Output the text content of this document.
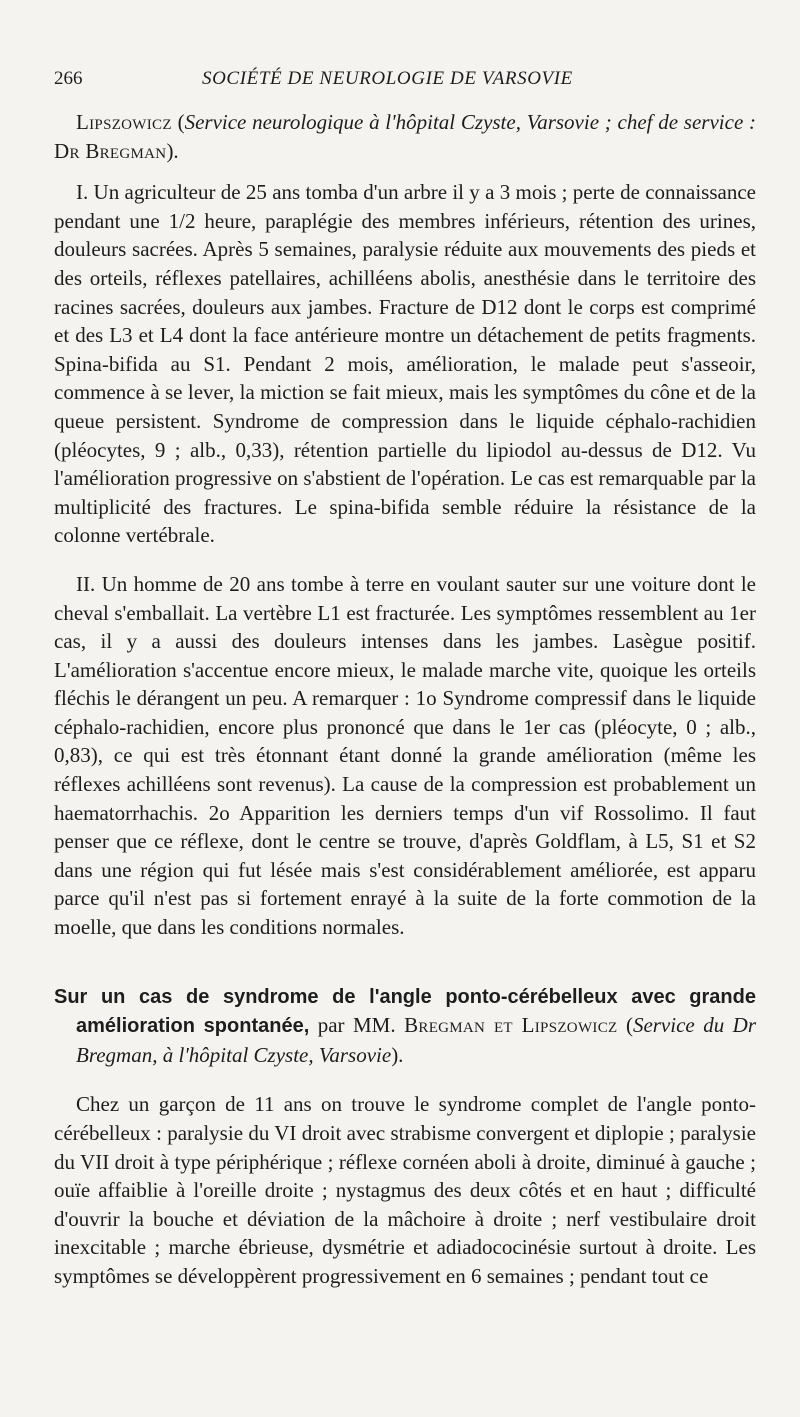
266	SOCIÉTÉ DE NEUROLOGIE DE VARSOVIE

Lipszowicz (Service neurologique à l'hôpital Czyste, Varsovie ; chef de service : Dr Bregman).

I. Un agriculteur de 25 ans tomba d'un arbre il y a 3 mois ; perte de connaissance pendant une 1/2 heure, paraplégie des membres inférieurs, rétention des urines, douleurs sacrées. Après 5 semaines, paralysie réduite aux mouvements des pieds et des orteils, réflexes patellaires, achilléens abolis, anesthésie dans le territoire des racines sacrées, douleurs aux jambes. Fracture de D12 dont le corps est comprimé et des L3 et L4 dont la face antérieure montre un détachement de petits fragments. Spina-bifida au S1. Pendant 2 mois, amélioration, le malade peut s'asseoir, commence à se lever, la miction se fait mieux, mais les symptômes du cône et de la queue persistent. Syndrome de compression dans le liquide céphalo-rachidien (pléocytes, 9 ; alb., 0,33), rétention partielle du lipiodol au-dessus de D12. Vu l'amélioration progressive on s'abstient de l'opération. Le cas est remarquable par la multiplicité des fractures. Le spina-bifida semble réduire la résistance de la colonne vertébrale.

II. Un homme de 20 ans tombe à terre en voulant sauter sur une voiture dont le cheval s'emballait. La vertèbre L1 est fracturée. Les symptômes ressemblent au 1er cas, il y a aussi des douleurs intenses dans les jambes. Lasègue positif. L'amélioration s'accentue encore mieux, le malade marche vite, quoique les orteils fléchis le dérangent un peu. A remarquer : 1o Syndrome compressif dans le liquide céphalo-rachidien, encore plus prononcé que dans le 1er cas (pléocyte, 0 ; alb., 0,83), ce qui est très étonnant étant donné la grande amélioration (même les réflexes achilléens sont revenus). La cause de la compression est probablement un haematorrhachis. 2o Apparition les derniers temps d'un vif Rossolimo. Il faut penser que ce réflexe, dont le centre se trouve, d'après Goldflam, à L5, S1 et S2 dans une région qui fut lésée mais s'est considérablement améliorée, est apparu parce qu'il n'est pas si fortement enrayé à la suite de la forte commotion de la moelle, que dans les conditions normales.

Sur un cas de syndrome de l'angle ponto-cérébelleux avec grande amélioration spontanée, par MM. Bregman et Lipszowicz (Service du Dr Bregman, à l'hôpital Czyste, Varsovie).

Chez un garçon de 11 ans on trouve le syndrome complet de l'angle ponto-cérébelleux : paralysie du VI droit avec strabisme convergent et diplopie ; paralysie du VII droit à type périphérique ; réflexe cornéen aboli à droite, diminué à gauche ; ouïe affaiblie à l'oreille droite ; nystagmus des deux côtés et en haut ; difficulté d'ouvrir la bouche et déviation de la mâchoire à droite ; nerf vestibulaire droit inexcitable ; marche ébrieuse, dysmétrie et adiadococinésie surtout à droite. Les symptômes se développèrent progressivement en 6 semaines ; pendant tout ce
